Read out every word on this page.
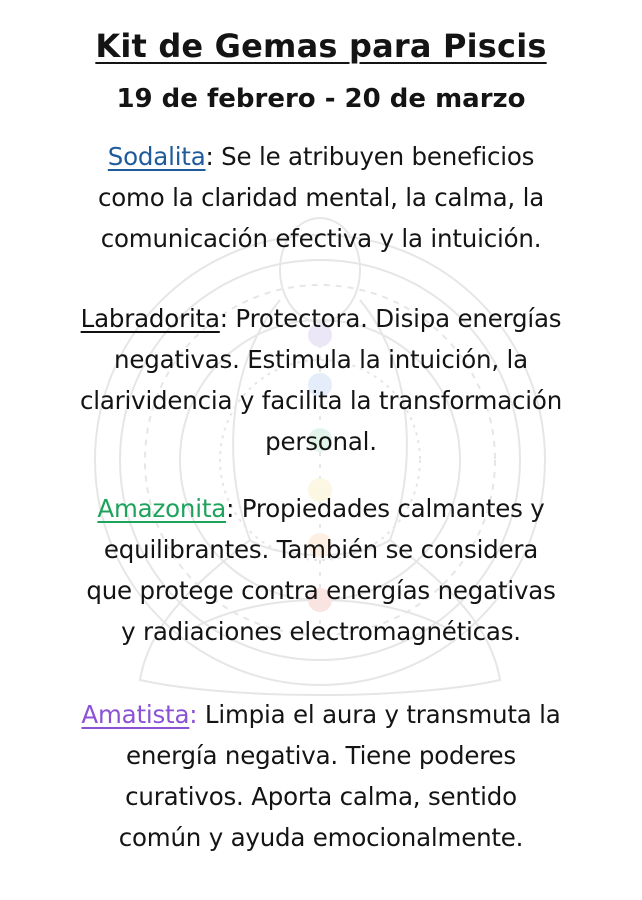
Kit de Gemas para Piscis
19 de febrero - 20 de marzo
Sodalita: Se le atribuyen beneficios
como la claridad mental, la calma, la
comunicación efectiva y la intuición.
Labradorita: Protectora. Disipa energías
negativas. Estimula la intuición, la
clarividencia y facilita la transformación
personal.
Amazonita: Propiedades calmantes y
equilibrantes. También se considera
que protege contra energías negativas
y radiaciones electromagnéticas.
Amatista: Limpia el aura y transmuta la
energía negativa. Tiene poderes
curativos. Aporta calma, sentido
común y ayuda emocionalmente.
